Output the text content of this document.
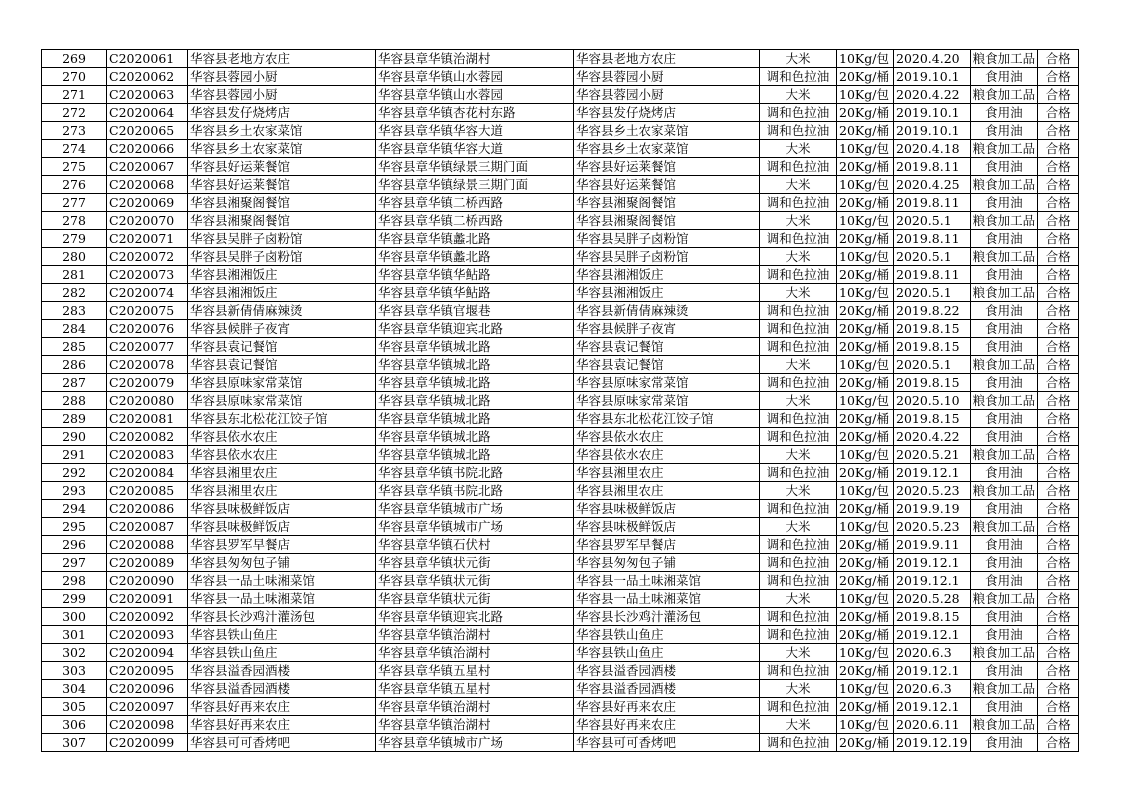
269	C2020061	华容县老地方农庄	华容县章华镇治湖村	华容县老地方农庄	大米	10Kg/包	2020.4.20	粮食加工品	合格
270	C2020062	华容县蓉园小厨	华容县章华镇山水蓉园	华容县蓉园小厨	调和色拉油	20Kg/桶	2019.10.1	食用油	合格
271	C2020063	华容县蓉园小厨	华容县章华镇山水蓉园	华容县蓉园小厨	大米	10Kg/包	2020.4.22	粮食加工品	合格
272	C2020064	华容县发仔烧烤店	华容县章华镇杏花村东路	华容县发仔烧烤店	调和色拉油	20Kg/桶	2019.10.1	食用油	合格
273	C2020065	华容县乡土农家菜馆	华容县章华镇华容大道	华容县乡土农家菜馆	调和色拉油	20Kg/桶	2019.10.1	食用油	合格
274	C2020066	华容县乡土农家菜馆	华容县章华镇华容大道	华容县乡土农家菜馆	大米	10Kg/包	2020.4.18	粮食加工品	合格
275	C2020067	华容县好运莱餐馆	华容县章华镇绿景三期门面	华容县好运莱餐馆	调和色拉油	20Kg/桶	2019.8.11	食用油	合格
276	C2020068	华容县好运莱餐馆	华容县章华镇绿景三期门面	华容县好运莱餐馆	大米	10Kg/包	2020.4.25	粮食加工品	合格
277	C2020069	华容县湘聚阁餐馆	华容县章华镇二桥西路	华容县湘聚阁餐馆	调和色拉油	20Kg/桶	2019.8.11	食用油	合格
278	C2020070	华容县湘聚阁餐馆	华容县章华镇二桥西路	华容县湘聚阁餐馆	大米	10Kg/包	2020.5.1	粮食加工品	合格
279	C2020071	华容县吴胖子卤粉馆	华容县章华镇蠡北路	华容县吴胖子卤粉馆	调和色拉油	20Kg/桶	2019.8.11	食用油	合格
280	C2020072	华容县吴胖子卤粉馆	华容县章华镇蠡北路	华容县吴胖子卤粉馆	大米	10Kg/包	2020.5.1	粮食加工品	合格
281	C2020073	华容县湘湘饭庄	华容县章华镇华鲇路	华容县湘湘饭庄	调和色拉油	20Kg/桶	2019.8.11	食用油	合格
282	C2020074	华容县湘湘饭庄	华容县章华镇华鲇路	华容县湘湘饭庄	大米	10Kg/包	2020.5.1	粮食加工品	合格
283	C2020075	华容县新倩倩麻辣烫	华容县章华镇官堰巷	华容县新倩倩麻辣烫	调和色拉油	20Kg/桶	2019.8.22	食用油	合格
284	C2020076	华容县候胖子夜宵	华容县章华镇迎宾北路	华容县候胖子夜宵	调和色拉油	20Kg/桶	2019.8.15	食用油	合格
285	C2020077	华容县袁记餐馆	华容县章华镇城北路	华容县袁记餐馆	调和色拉油	20Kg/桶	2019.8.15	食用油	合格
286	C2020078	华容县袁记餐馆	华容县章华镇城北路	华容县袁记餐馆	大米	10Kg/包	2020.5.1	粮食加工品	合格
287	C2020079	华容县原味家常菜馆	华容县章华镇城北路	华容县原味家常菜馆	调和色拉油	20Kg/桶	2019.8.15	食用油	合格
288	C2020080	华容县原味家常菜馆	华容县章华镇城北路	华容县原味家常菜馆	大米	10Kg/包	2020.5.10	粮食加工品	合格
289	C2020081	华容县东北松花江饺子馆	华容县章华镇城北路	华容县东北松花江饺子馆	调和色拉油	20Kg/桶	2019.8.15	食用油	合格
290	C2020082	华容县依水农庄	华容县章华镇城北路	华容县依水农庄	调和色拉油	20Kg/桶	2020.4.22	食用油	合格
291	C2020083	华容县依水农庄	华容县章华镇城北路	华容县依水农庄	大米	10Kg/包	2020.5.21	粮食加工品	合格
292	C2020084	华容县湘里农庄	华容县章华镇书院北路	华容县湘里农庄	调和色拉油	20Kg/桶	2019.12.1	食用油	合格
293	C2020085	华容县湘里农庄	华容县章华镇书院北路	华容县湘里农庄	大米	10Kg/包	2020.5.23	粮食加工品	合格
294	C2020086	华容县味极鲜饭店	华容县章华镇城市广场	华容县味极鲜饭店	调和色拉油	20Kg/桶	2019.9.19	食用油	合格
295	C2020087	华容县味极鲜饭店	华容县章华镇城市广场	华容县味极鲜饭店	大米	10Kg/包	2020.5.23	粮食加工品	合格
296	C2020088	华容县罗军早餐店	华容县章华镇石伏村	华容县罗军早餐店	调和色拉油	20Kg/桶	2019.9.11	食用油	合格
297	C2020089	华容县匆匆包子铺	华容县章华镇状元街	华容县匆匆包子铺	调和色拉油	20Kg/桶	2019.12.1	食用油	合格
298	C2020090	华容县一品土味湘菜馆	华容县章华镇状元街	华容县一品土味湘菜馆	调和色拉油	20Kg/桶	2019.12.1	食用油	合格
299	C2020091	华容县一品土味湘菜馆	华容县章华镇状元街	华容县一品土味湘菜馆	大米	10Kg/包	2020.5.28	粮食加工品	合格
300	C2020092	华容县长沙鸡汁灌汤包	华容县章华镇迎宾北路	华容县长沙鸡汁灌汤包	调和色拉油	20Kg/桶	2019.8.15	食用油	合格
301	C2020093	华容县铁山鱼庄	华容县章华镇治湖村	华容县铁山鱼庄	调和色拉油	20Kg/桶	2019.12.1	食用油	合格
302	C2020094	华容县铁山鱼庄	华容县章华镇治湖村	华容县铁山鱼庄	大米	10Kg/包	2020.6.3	粮食加工品	合格
303	C2020095	华容县溢香园酒楼	华容县章华镇五星村	华容县溢香园酒楼	调和色拉油	20Kg/桶	2019.12.1	食用油	合格
304	C2020096	华容县溢香园酒楼	华容县章华镇五星村	华容县溢香园酒楼	大米	10Kg/包	2020.6.3	粮食加工品	合格
305	C2020097	华容县好再来农庄	华容县章华镇治湖村	华容县好再来农庄	调和色拉油	20Kg/桶	2019.12.1	食用油	合格
306	C2020098	华容县好再来农庄	华容县章华镇治湖村	华容县好再来农庄	大米	10Kg/包	2020.6.11	粮食加工品	合格
307	C2020099	华容县可可香烤吧	华容县章华镇城市广场	华容县可可香烤吧	调和色拉油	20Kg/桶	2019.12.19	食用油	合格
